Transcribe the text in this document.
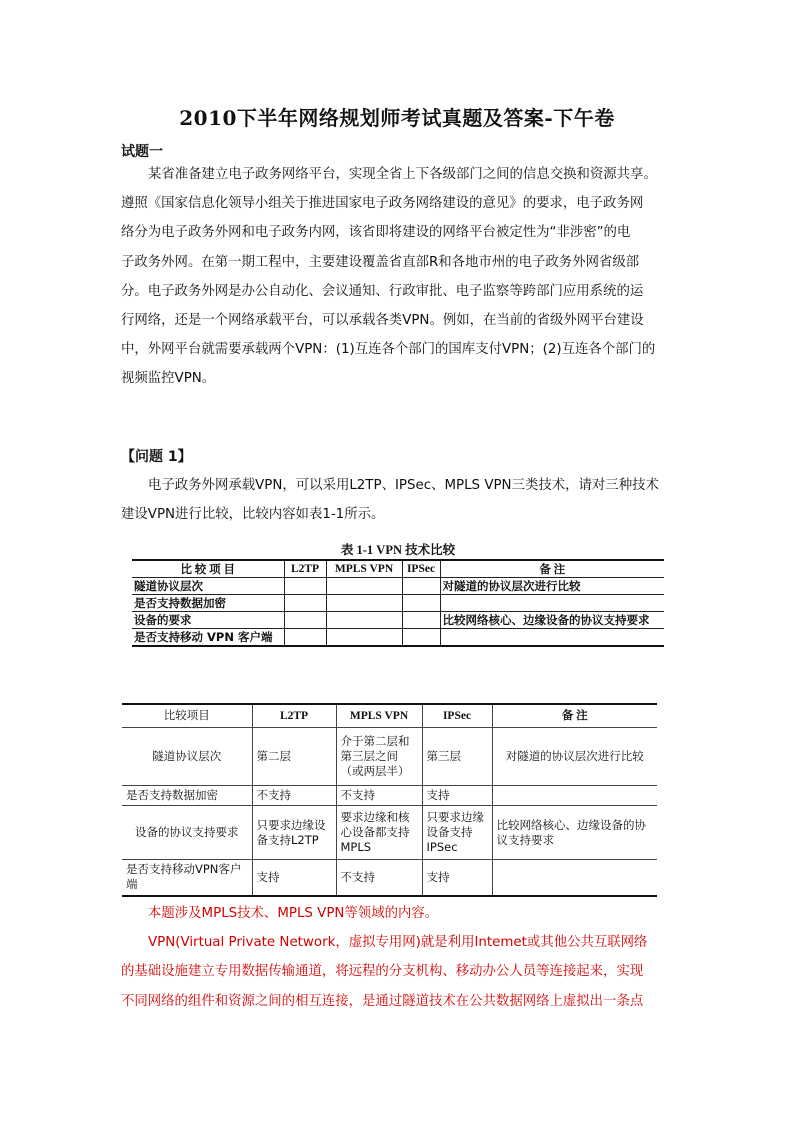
2010下半年网络规划师考试真题及答案-下午卷
试题一
某省准备建立电子政务网络平台，实现全省上下各级部门之间的信息交换和资源共享。
遵照《国家信息化领导小组关于推进国家电子政务网络建设的意见》的要求，电子政务网
络分为电子政务外网和电子政务内网，该省即将建设的网络平台被定性为“非涉密”的电
子政务外网。在第一期工程中，主要建设覆盖省直部R和各地市州的电子政务外网省级部
分。电子政务外网是办公自动化、会议通知、行政审批、电子监察等跨部门应用系统的运
行网络，还是一个网络承载平台，可以承载各类VPN。例如，在当前的省级外网平台建设
中，外网平台就需要承载两个VPN：(1)互连各个部门的国库支付VPN；(2)互连各个部门的
视频监控VPN。
【问题 1】
电子政务外网承载VPN，可以采用L2TP、IPSec、MPLS VPN三类技术，请对三种技术
建设VPN进行比较，比较内容如表1-1所示。
表 1-1 VPN 技术比较
比 较 项 目	L2TP	MPLS VPN	IPSec	备 注
隧道协议层次				对隧道的协议层次进行比较
是否支持数据加密				
设备的要求				比较网络核心、边缘设备的协议支持要求
是否支持移动 VPN 客户端				
比较项目	L2TP	MPLS VPN	IPSec	备 注
隧道协议层次	第二层	介于第二层和第三层之间（或两层半）	第三层	对隧道的协议层次进行比较
是否支持数据加密	不支持	不支持	支持	
设备的协议支持要求	只要求边缘设备支持L2TP	要求边缘和核心设备都支持MPLS	只要求边缘设备支持IPSec	比较网络核心、边缘设备的协议支持要求
是否支持移动VPN客户端	支持	不支持	支持	
本题涉及MPLS技术、MPLS VPN等领域的内容。
VPN(Virtual Private Network，虚拟专用网)就是利用Intemet或其他公共互联网络
的基础设施建立专用数据传输通道，将远程的分支机构、移动办公人员等连接起来，实现
不同网络的组件和资源之间的相互连接，是通过隧道技术在公共数据网络上虚拟出一条点
